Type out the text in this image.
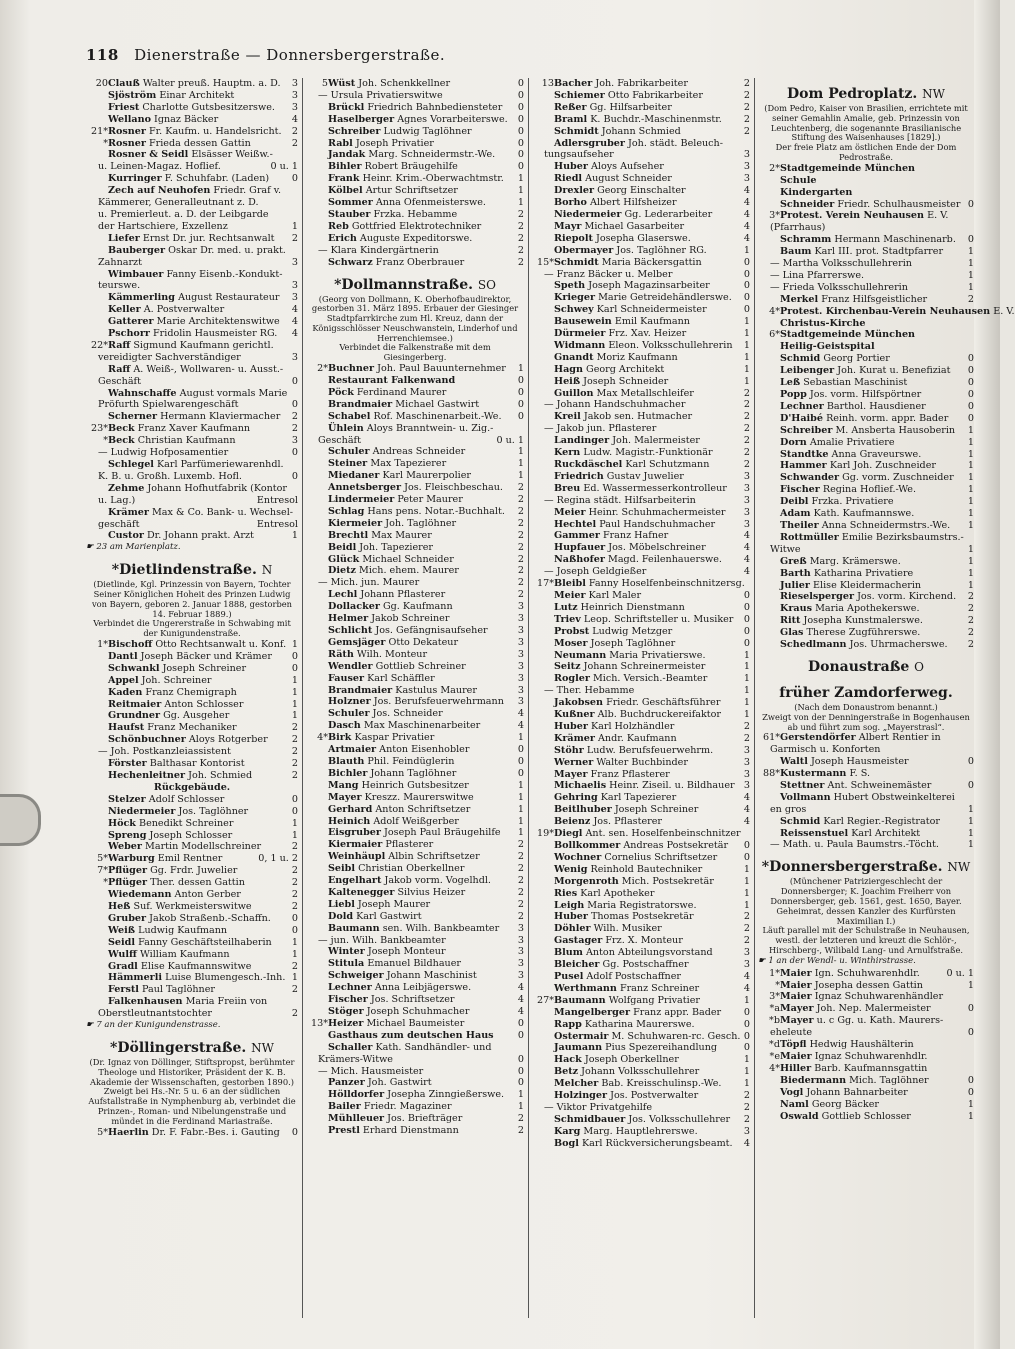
118 Dienerstraße — Donnersbergerstraße.
20 Clauß Walter preuß. Hauptm. a. D.	3
Sjöström Einar Architekt	3
Friest Charlotte Gutsbesitzerswe.	3
Wellano Ignaz Bäcker	4
21* Rosner Fr. Kaufm. u. Handelsricht.	2
* Rosner Frieda dessen Gattin	2
Rosner & Seidl Elsässer Weißw.-
u. Leinen-Magaz. Hoflief.	0 u. 1
Kurringer F. Schuhfabr. (Laden)	0
Zech auf Neuhofen Friedr. Graf v.
Kämmerer, Generalleutnant z. D.
u. Premierleut. a. D. der Leibgarde
der Hartschiere, Exzellenz	1
Liefer Ernst Dr. jur. Rechtsanwalt	2
Bauberger Oskar Dr. med. u. prakt.
Zahnarzt	3
Wimbauer Fanny Eisenb.-Kondukt-
teurswe.	3
Kämmerling August Restaurateur	3
Keller A. Postverwalter	4
Gatterer Marie Architektenswitwe	4
Pschorr Fridolin Hausmeister RG.	4
22* Raff Sigmund Kaufmann gerichtl.
vereidigter Sachverständiger	3
Raff A. Weiß-, Wollwaren- u. Ausst.-
Geschäft	0
Wahnschaffe August vormals Marie
Pröfurth Spielwarengeschäft	0
Scherner Hermann Klaviermacher	2
23* Beck Franz Xaver Kaufmann	2
* Beck Christian Kaufmann	3
— Ludwig Hofposamentier	0
Schlegel Karl Parfümeriewarenhdl.
K. B. u. Großh. Luxemb. Hofl.	0
Zehme Johann Hofhutfabrik (Kontor
u. Lag.)	Entresol
Krämer Max & Co. Bank- u. Wechsel-
geschäft	Entresol
Custor Dr. Johann prakt. Arzt	1
☛ 23 am Marienplatz.
*Dietlindenstraße. N
(Dietlinde, Kgl. Prinzessin von Bayern, Tochter Seiner Königlichen Hoheit des Prinzen Ludwig von Bayern, geboren 2. Januar 1888, gestorben 14. Februar 1889.)
Verbindet die Ungererstraße in Schwabing mit der Kunigundenstraße.
1* Bischoff Otto Rechtsanwalt u. Konf. 1
Dantl Joseph Bäcker und Krämer	0
Schwankl Joseph Schreiner	0
Appel Joh. Schreiner	1
Kaden Franz Chemigraph	1
Reitmaier Anton Schlosser	1
Grundner Gg. Ausgeher	1
Haufst Franz Mechaniker	2
Schönbuchner Aloys Rotgerber	2
— Joh. Postkanzleiassistent	2
Förster Balthasar Kontorist	2
Hechenleitner Joh. Schmied	2
Rückgebäude.
Stelzer Adolf Schlosser	0
Niedermeier Jos. Taglöhner	0
Höck Benedikt Schreiner	1
Spreng Joseph Schlosser	1
Weber Martin Modellschreiner	2
5* Warburg Emil Rentner	0, 1 u. 2
7* Pflüger Gg. Frdr. Juwelier	2
* Pflüger Ther. dessen Gattin	2
Wiedemann Anton Gerber	2
Heß Suf. Werkmeisterswitwe	2
Gruber Jakob Straßenb.-Schaffn.	0
Weiß Ludwig Kaufmann	0
Seidl Fanny Geschäftsteilhaberin	1
Wulff William Kaufmann	1
Gradl Elise Kaufmannswitwe	2
Hämmerli Luise Blumengesch.-Inh. 1
Ferstl Paul Taglöhner	2
Falkenhausen Maria Freiin von
Oberstleutnantstochter	2
☛ 7 an der Kunigundenstrasse.
*Döllingerstraße. NW
(Dr. Ignaz von Döllinger, Stiftspropst, berühmter Theologe und Historiker, Präsident der K. B. Akademie der Wissenschaften, gestorben 1890.)
Zweigt bei Hs.-Nr. 5 u. 6 an der südlichen Aufstallstraße in Nymphenburg ab, verbindet die Prinzen-, Roman- und Nibelungenstraße und mündet in die Ferdinand Mariastraße.
5* Haerlin Dr. F. Fabr.-Bes. i. Gauting	0
5 Wüst Joh. Schenkkellner	0
— Ursula Privatierswitwe	0
Brückl Friedrich Bahnbediensteter	0
Haselberger Agnes Vorarbeiterswe.	0
Schreiber Ludwig Taglöhner	0
Rabl Joseph Privatier	0
Jandak Marg. Schneidermstr.-We.	0
Bihler Robert Bräugehilfe	0
Frank Heinr. Krim.-Oberwachtmstr.	1
Kölbel Artur Schriftsetzer	1
Sommer Anna Ofenmeisterswe.	1
Stauber Frzka. Hebamme	2
Reb Gottfried Elektrotechniker	2
Erich Auguste Expeditorswe.	2
— Klara Kindergärtnerin	2
Schwarz Franz Oberbrauer	2
*Dollmannstraße. SO
(Georg von Dollmann, K. Oberhofbaudirektor, gestorben 31. März 1895. Erbauer der Giesinger Stadtpfarrkirche zum Hl. Kreuz, dann der Königsschlösser Neuschwanstein, Linderhof und Herrenchiemsee.)
Verbindet die Falkenstraße mit dem Giesingerberg.
2* Buchner Joh. Paul Bauunternehmer	1
Restaurant Falkenwand	0
Pöck Ferdinand Maurer	0
Brandmaier Michael Gastwirt	0
Schabel Rof. Maschinenarbeit.-We.	0
Ühlein Aloys Branntwein- u. Zig.-
Geschäft	0 u. 1
Schuler Andreas Schneider	1
Steiner Max Tapezierer	1
Miedaner Karl Maurerpolier	1
Annetsberger Jos. Fleischbeschau.	2
Lindermeier Peter Maurer	2
Schlag Hans pens. Notar.-Buchhalt.	2
Kiermeier Joh. Taglöhner	2
Brechtl Max Maurer	2
Beidl Joh. Tapezierer	2
Glück Michael Schneider	2
Dietz Mich. ehem. Maurer	2
— Mich. jun. Maurer	2
Lechl Johann Pflasterer	2
Dollacker Gg. Kaufmann	3
Helmer Jakob Schreiner	3
Schlicht Jos. Gefängnisaufseher	3
Gemsjäger Otto Dekateur	3
Räth Wilh. Monteur	3
Wendler Gottlieb Schreiner	3
Fauser Karl Schäffler	3
Brandmaier Kastulus Maurer	3
Holzner Jos. Berufsfeuerwehrmann	3
Schuler Jos. Schneider	4
Dasch Max Maschinenarbeiter	4
4* Birk Kaspar Privatier	1
Artmaier Anton Eisenhobler	0
Blauth Phil. Feindüglerin	0
Bichler Johann Taglöhner	0
Mang Heinrich Gutsbesitzer	1
Mayer Kreszz. Maurerswitwe	1
Gerhard Anton Schriftsetzer	1
Heinich Adolf Weißgerber	1
Eisgruber Joseph Paul Bräugehilfe	1
Kiermaier Pflasterer	2
Weinhäupl Albin Schriftsetzer	2
Seibl Christian Oberkellner	2
Engelhart Jakob vorm. Vogelhdl.	2
Kaltenegger Silvius Heizer	2
Liebl Joseph Maurer	2
Dold Karl Gastwirt	2
Baumann sen. Wilh. Bankbeamter	3
— jun. Wilh. Bankbeamter	3
Winter Joseph Monteur	3
Stitula Emanuel Bildhauer	3
Schweiger Johann Maschinist	3
Lechner Anna Leibjägerswe.	4
Fischer Jos. Schriftsetzer	4
Stöger Joseph Schuhmacher	4
13* Heizer Michael Baumeister	0
Gasthaus zum deutschen Haus	0
Schaller Kath. Sandhändler- und
Krämers-Witwe	0
— Mich. Hausmeister	0
Panzer Joh. Gastwirt	0
Hölldorfer Josepha Zinngießerswe.	1
Bailer Friedr. Magaziner	1
Mühlleuer Jos. Briefträger	2
Prestl Erhard Dienstmann	2
13 Bacher Joh. Fabrikarbeiter	2
Schiemer Otto Fabrikarbeiter	2
Reßer Gg. Hilfsarbeiter	2
Braml K. Buchdr.-Maschinenmstr.	2
Schmidt Johann Schmied	2
Adlersgruber Joh. städt. Beleuch-
tungsaufseher	3
Huber Aloys Aufseher	3
Riedl August Schneider	3
Drexler Georg Einschalter	4
Borho Albert Hilfsheizer	4
Niedermeier Gg. Lederarbeiter	4
Mayr Michael Gasarbeiter	4
Riepolt Josepha Glaserswe.	4
Obermayer Jos. Taglöhner RG.	1
15* Schmidt Maria Bäckersgattin	0
— Franz Bäcker u. Melber	0
Speth Joseph Magazinsarbeiter	0
Krieger Marie Getreidehändlerswe.	0
Schwey Karl Schneidermeister	0
Bausewein Emil Kaufmann	1
Dürmeier Frz. Xav. Heizer	1
Widmann Eleon. Volksschullehrerin	1
Gnandt Moriz Kaufmann	1
Hagn Georg Architekt	1
Heiß Joseph Schneider	1
Guillon Max Metallschleifer	2
— Johann Handschuhmacher	2
Kreil Jakob sen. Hutmacher	2
— Jakob jun. Pflasterer	2
Landinger Joh. Malermeister	2
Kern Ludw. Magistr.-Funktionär	2
Ruckdäschel Karl Schutzmann	2
Friedrich Gustav Juwelier	3
Breu Ed. Wassermesserkontrolleur	3
— Regina städt. Hilfsarbeiterin	3
Meier Heinr. Schuhmachermeister	3
Hechtel Paul Handschuhmacher	3
Gammer Franz Hafner	4
Hupfauer Jos. Möbelschreiner	4
Naßhofer Magd. Feilenhauerswe.	4
— Joseph Geldgießer	4
17* Bleibl Fanny Hoselfenbeinschnitzersg.
Meier Karl Maler	0
Lutz Heinrich Dienstmann	0
Triev Leop. Schriftsteller u. Musiker	0
Probst Ludwig Metzger	0
Moser Joseph Taglöhner	0
Neumann Maria Privatierswe.	1
Seitz Johann Schreinermeister	1
Rogler Mich. Versich.-Beamter	1
— Ther. Hebamme	1
Jakobsen Friedr. Geschäftsführer	1
Kußner Alb. Buchdruckereifaktor	1
Huber Karl Holzhändler	2
Krämer Andr. Kaufmann	2
Stöhr Ludw. Berufsfeuerwehrm.	3
Werner Walter Buchbinder	3
Mayer Franz Pflasterer	3
Michaelis Heinr. Ziseil. u. Bildhauer 3
Gehring Karl Tapezierer	4
Beitlhuber Joseph Schreiner	4
Beienz Jos. Pflasterer	4
19* Diegl Ant. sen. Hoselfenbeinschnitzer
Bollkommer Andreas Postsekretär	0
Wochner Cornelius Schriftsetzer	0
Wenig Reinhold Bautechniker	1
Morgenroth Mich. Postsekretär	1
Ries Karl Apotheker	1
Leigh Maria Registratorswe.	1
Huber Thomas Postsekretär	2
Döhler Wilh. Musiker	2
Gastager Frz. X. Monteur	2
Blum Anton Abteilungsvorstand	3
Bleicher Gg. Postschaffner	3
Pusel Adolf Postschaffner	4
Werthmann Franz Schreiner	4
27* Baumann Wolfgang Privatier	1
Mangelberger Franz appr. Bader	0
Rapp Katharina Maurerswe.	0
Ostermair M. Schuhwaren-rc. Gesch. 0
Jaumann Pius Spezereihandlung	0
Hack Joseph Oberkellner	1
Betz Johann Volksschullehrer	1
Melcher Bab. Kreisschulinsp.-We.	1
Holzinger Jos. Postverwalter	2
— Viktor Privatgehilfe	2
Schmidbauer Jos. Volksschullehrer	2
Karg Marg. Hauptlehrerswe.	3
Bogl Karl Rückversicherungsbeamt.	4
Dom Pedroplatz. NW
(Dom Pedro, Kaiser von Brasilien, errichtete mit seiner Gemahlin Amalie, geb. Prinzessin von Leuchtenberg, die sogenannte Brasilianische Stiftung des Waisenhauses [1829].)
Der freie Platz am östlichen Ende der Dom Pedrostraße.
2* Stadtgemeinde München
Schule
Kindergarten
Schneider Friedr. Schulhausmeister 0
3* Protest. Verein Neuhausen E. V.
(Pfarrhaus)
Schramm Hermann Maschinenarb.	0
Baum Karl III. prot. Stadtpfarrer	1
— Martha Volksschullehrerin	1
— Lina Pfarrerswe.	1
— Frieda Volksschullehrerin	1
Merkel Franz Hilfsgeistlicher	2
4* Protest. Kirchenbau-Verein Neuhausen E. V.
Christus-Kirche
6* Stadtgemeinde München
Heilig-Geistspital
Schmid Georg Portier	0
Leibenger Joh. Kurat u. Benefiziat	0
Leß Sebastian Maschinist	0
Popp Jos. vorm. Hilfspörtner	0
Lechner Barthol. Hausdiener	0
D'Haibé Reinh. vorm. appr. Bader	0
Schreiber M. Ansberta Hausoberin	1
Dorn Amalie Privatiere	1
Standtke Anna Graveurswe.	1
Hammer Karl Joh. Zuschneider	1
Schwander Gg. vorm. Zuschneider	1
Fischer Regina Hoflief.-We.	1
Deibl Frzka. Privatiere	1
Adam Kath. Kaufmannswe.	1
Theiler Anna Schneidermstrs.-We.	1
Rottmüller Emilie Bezirksbaumstrs.-
Witwe	1
Greß Marg. Krämerswe.	1
Barth Katharina Privatiere	1
Julier Elise Kleidermacherin	1
Rieselsperger Jos. vorm. Kirchend.	2
Kraus Maria Apothekerswe.	2
Ritt Josepha Kunstmalerswe.	2
Glas Therese Zugführerswe.	2
Schedlmann Jos. Uhrmacherswe.	2
Donaustraße O
früher Zamdorferweg.
(Nach dem Donaustrom benannt.)
Zweigt von der Denningerstraße in Bogenhausen ab und führt zum sog. „Mayerstrasl“.
61* Gerstendörfer Albert Rentier in
Garmisch u. Konforten
Waltl Joseph Hausmeister	0
88* Kustermann F. S.
Stettner Ant. Schweinemäster	0
Vollmann Hubert Obstweinkelterei
en gros	1
Schmid Karl Regier.-Registrator	1
Reissenstuel Karl Architekt	1
— Math. u. Paula Baumstrs.-Töcht.	1
*Donnersbergerstraße. NW
(Münchener Patriziergeschlecht der Donnersberger; K. Joachim Freiherr von Donnersberger, geb. 1561, gest. 1650, Bayer. Geheimrat, dessen Kanzler des Kurfürsten Maximilian I.)
Läuft parallel mit der Schulstraße in Neuhausen, westl. der letzteren und kreuzt die Schlör-, Hirschberg-, Wilibald Lang- und Arnulfstraße.
☛ 1 an der Wendl- u. Winthirstrasse.
1* Maier Ign. Schuhwarenhdlr.	0 u. 1
* Maier Josepha dessen Gattin	1
3* Maier Ignaz Schuhwarenhändler
*a Mayer Joh. Nep. Malermeister	0
*b Mayer u. c Gg. u. Kath. Maurers-
eheleute	0
*d Töpfl Hedwig Haushälterin
*e Maier Ignaz Schuhwarenhdlr.
4* Hiller Barb. Kaufmannsgattin
Biedermann Mich. Taglöhner	0
Vogl Johann Bahnarbeiter	0
Naml Georg Bäcker	1
Oswald Gottlieb Schlosser	1
